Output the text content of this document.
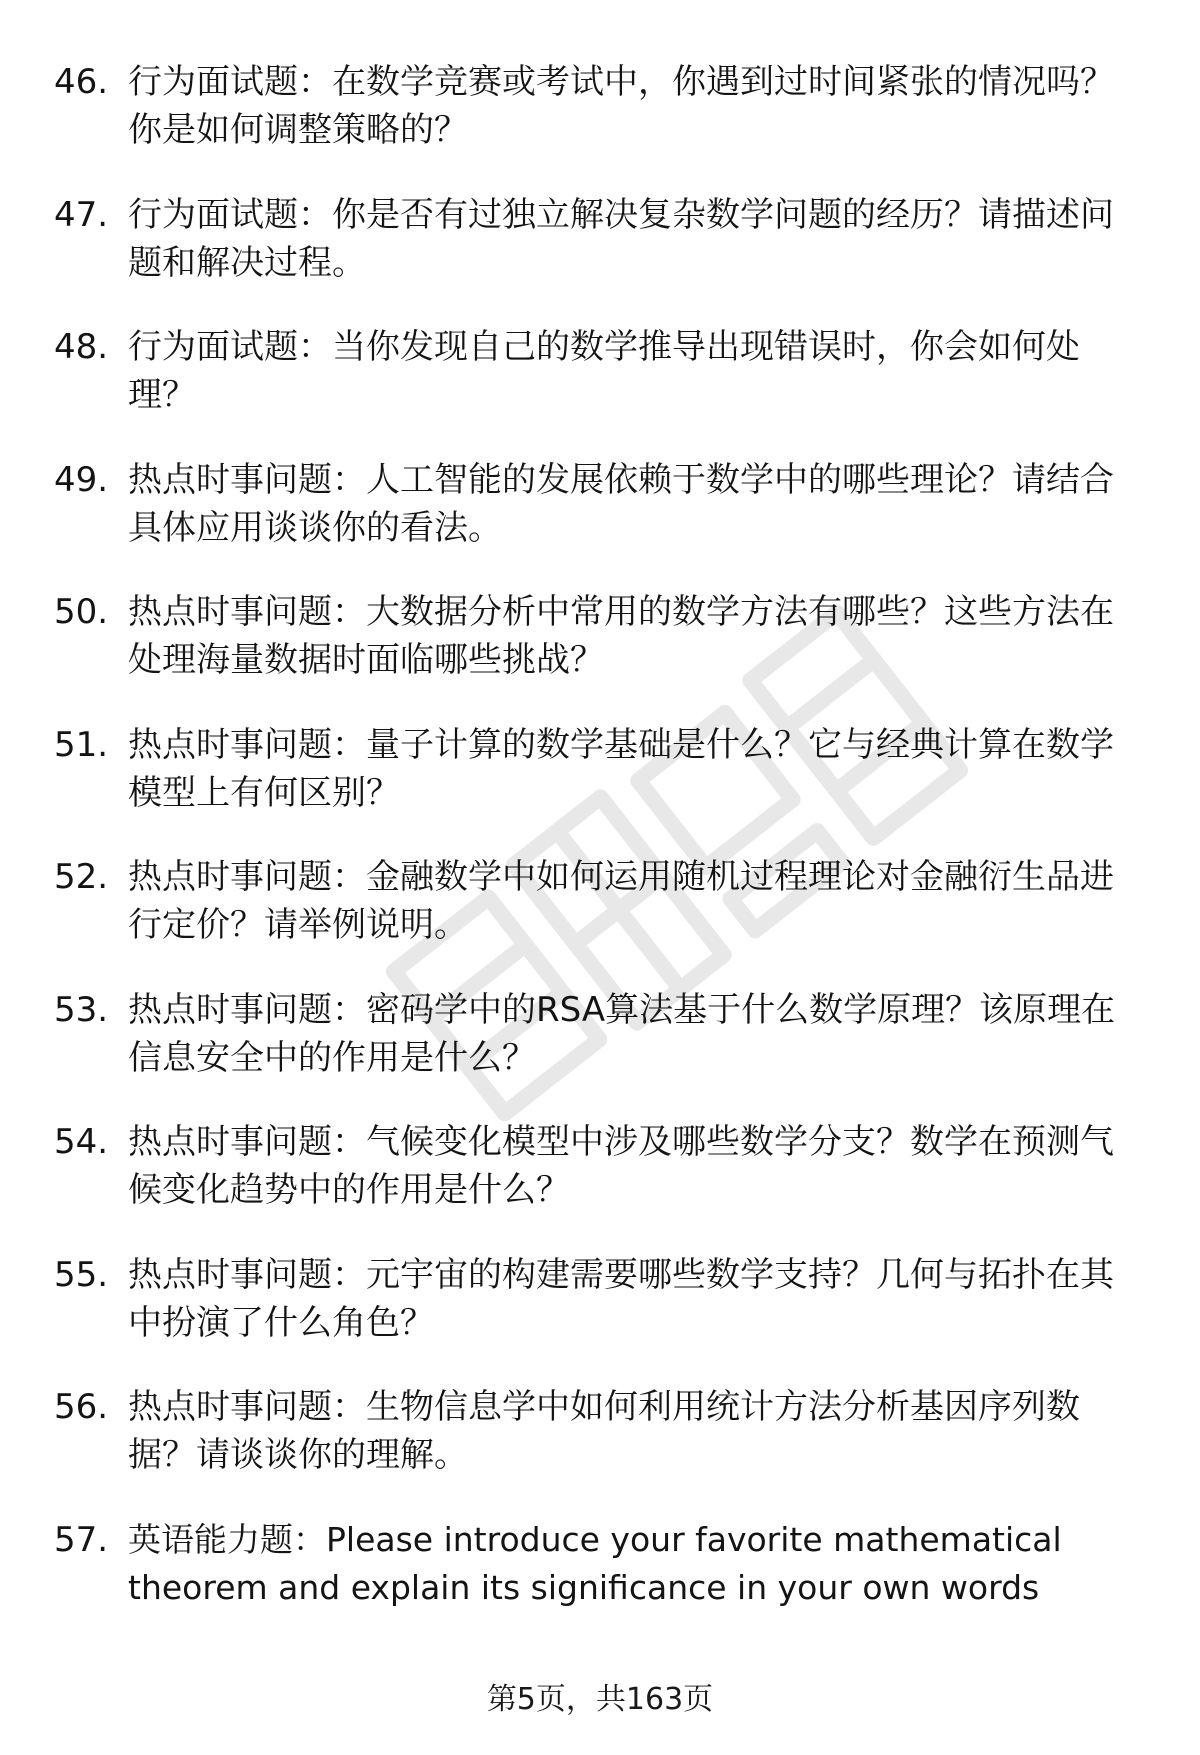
46. 行为面试题：在数学竞赛或考试中，你遇到过时间紧张的情况吗？你是如何调整策略的？
47. 行为面试题：你是否有过独立解决复杂数学问题的经历？请描述问题和解决过程。
48. 行为面试题：当你发现自己的数学推导出现错误时，你会如何处理？
49. 热点时事问题：人工智能的发展依赖于数学中的哪些理论？请结合具体应用谈谈你的看法。
50. 热点时事问题：大数据分析中常用的数学方法有哪些？这些方法在处理海量数据时面临哪些挑战？
51. 热点时事问题：量子计算的数学基础是什么？它与经典计算在数学模型上有何区别？
52. 热点时事问题：金融数学中如何运用随机过程理论对金融衍生品进行定价？请举例说明。
53. 热点时事问题：密码学中的RSA算法基于什么数学原理？该原理在信息安全中的作用是什么？
54. 热点时事问题：气候变化模型中涉及哪些数学分支？数学在预测气候变化趋势中的作用是什么？
55. 热点时事问题：元宇宙的构建需要哪些数学支持？几何与拓扑在其中扮演了什么角色？
56. 热点时事问题：生物信息学中如何利用统计方法分析基因序列数据？请谈谈你的理解。
57. 英语能力题：Please introduce your favorite mathematical theorem and explain its significance in your own words
第5页，共163页
